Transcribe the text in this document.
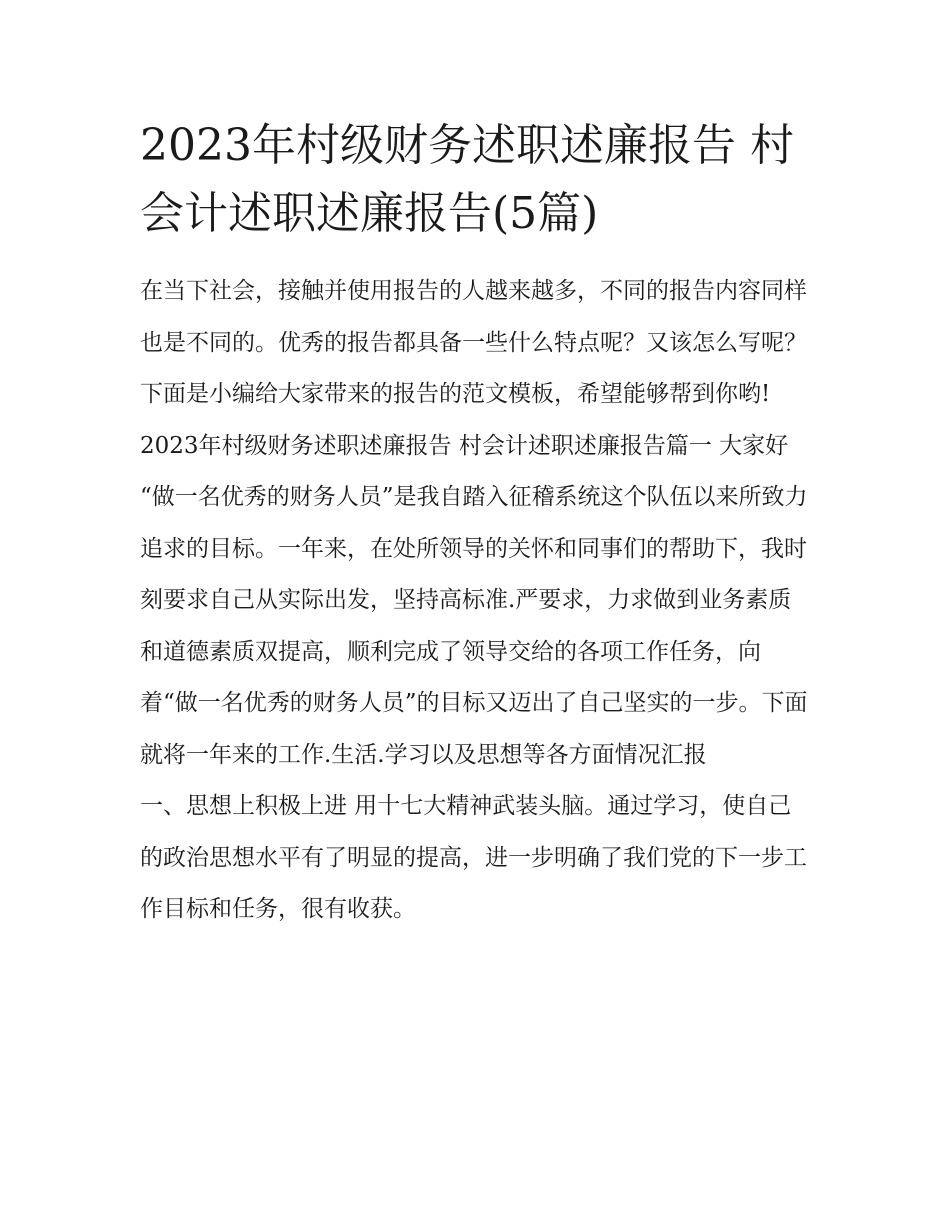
2023年村级财务述职述廉报告 村会计述职述廉报告(5篇)

在当下社会，接触并使用报告的人越来越多，不同的报告内容同样也是不同的。优秀的报告都具备一些什么特点呢？又该怎么写呢？下面是小编给大家带来的报告的范文模板，希望能够帮到你哟!

2023年村级财务述职述廉报告 村会计述职述廉报告篇一 大家好

“做一名优秀的财务人员”是我自踏入征稽系统这个队伍以来所致力追求的目标。一年来，在处所领导的关怀和同事们的帮助下，我时刻要求自己从实际出发，坚持高标准.严要求，力求做到业务素质和道德素质双提高，顺利完成了领导交给的各项工作任务，向着“做一名优秀的财务人员”的目标又迈出了自己坚实的一步。下面就将一年来的工作.生活.学习以及思想等各方面情况汇报

一、思想上积极上进 用十七大精神武装头脑。通过学习，使自己的政治思想水平有了明显的提高，进一步明确了我们党的下一步工作目标和任务，很有收获。
